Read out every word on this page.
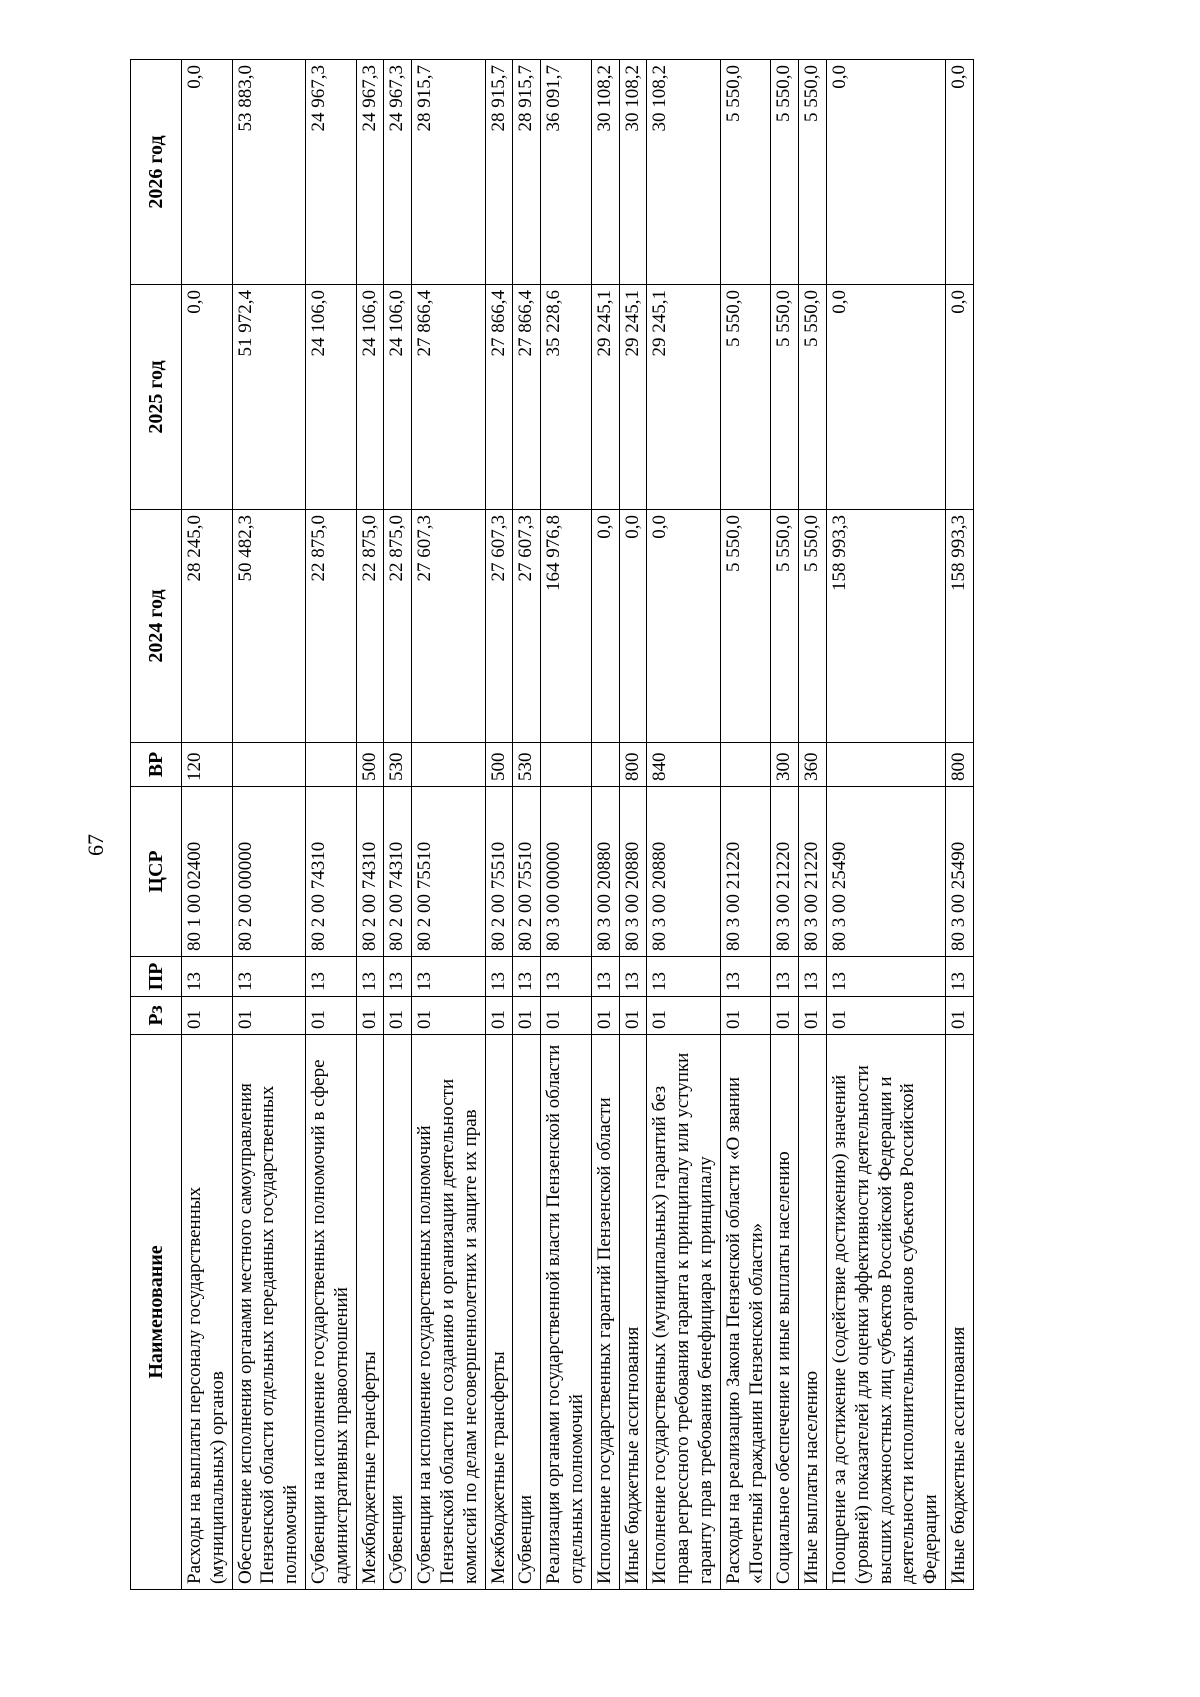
67
Наименование	Рз	ПР	ЦСР	ВР	2024 год	2025 год	2026 год
Расходы на выплаты персоналу государственных (муниципальных) органов	01	13	80 1 00 02400	120	28 245,0	0,0	0,0
Обеспечение исполнения органами местного самоуправления Пензенской области отдельных переданных государственных полномочий	01	13	80 2 00 00000		50 482,3	51 972,4	53 883,0
Субвенции на исполнение государственных полномочий в сфере административных правоотношений	01	13	80 2 00 74310		22 875,0	24 106,0	24 967,3
Межбюджетные трансферты	01	13	80 2 00 74310	500	22 875,0	24 106,0	24 967,3
Субвенции	01	13	80 2 00 74310	530	22 875,0	24 106,0	24 967,3
Субвенции на исполнение государственных полномочий Пензенской области по созданию и организации деятельности комиссий по делам несовершеннолетних и защите их прав	01	13	80 2 00 75510		27 607,3	27 866,4	28 915,7
Межбюджетные трансферты	01	13	80 2 00 75510	500	27 607,3	27 866,4	28 915,7
Субвенции	01	13	80 2 00 75510	530	27 607,3	27 866,4	28 915,7
Реализация органами государственной власти Пензенской области отдельных полномочий	01	13	80 3 00 00000		164 976,8	35 228,6	36 091,7
Исполнение государственных гарантий Пензенской области	01	13	80 3 00 20880		0,0	29 245,1	30 108,2
Иные бюджетные ассигнования	01	13	80 3 00 20880	800	0,0	29 245,1	30 108,2
Исполнение государственных (муниципальных) гарантий без права регрессного требования гаранта к принципалу или уступки гаранту прав требования бенефициара к принципалу	01	13	80 3 00 20880	840	0,0	29 245,1	30 108,2
Расходы на реализацию Закона Пензенской области «О звании «Почетный гражданин Пензенской области»	01	13	80 3 00 21220		5 550,0	5 550,0	5 550,0
Социальное обеспечение и иные выплаты населению	01	13	80 3 00 21220	300	5 550,0	5 550,0	5 550,0
Иные выплаты населению	01	13	80 3 00 21220	360	5 550,0	5 550,0	5 550,0
Поощрение за достижение (содействие достижению) значений (уровней) показателей для оценки эффективности деятельности высших должностных лиц субъектов Российской Федерации и деятельности исполнительных органов субъектов Российской Федерации	01	13	80 3 00 25490		158 993,3	0,0	0,0
Иные бюджетные ассигнования	01	13	80 3 00 25490	800	158 993,3	0,0	0,0
